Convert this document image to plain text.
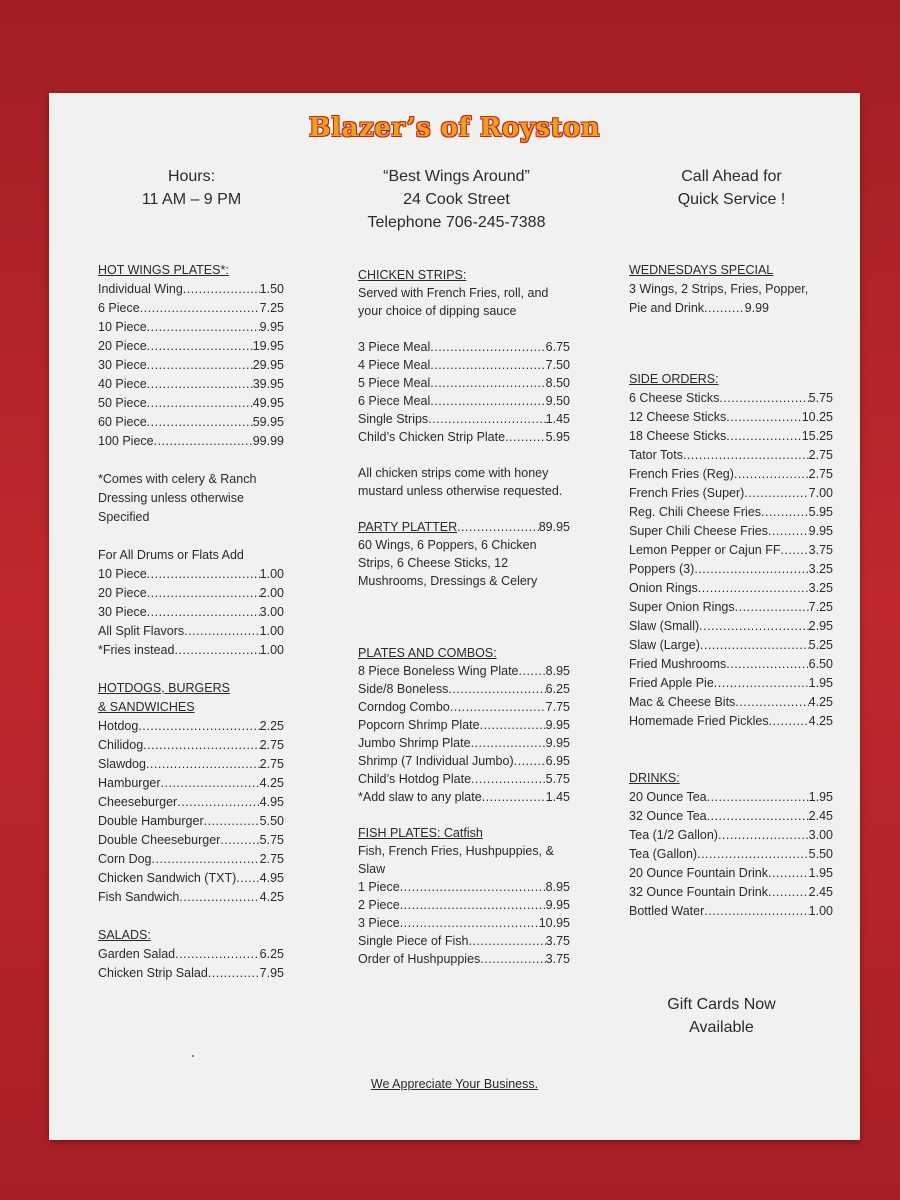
Blazer’s of Royston
Hours:
11 AM – 9 PM
“Best Wings Around”
24 Cook Street
Telephone 706-245-7388
Call Ahead for
Quick Service !
HOT WINGS PLATES*:
Individual Wing .....	1.50
6 Piece .....	7.25
10 Piece .....	9.95
20 Piece .....	19.95
30 Piece .....	29.95
40 Piece .....	39.95
50 Piece .....	49.95
60 Piece .....	59.95
100 Piece .....	99.99
*Comes with celery & Ranch Dressing unless otherwise Specified
For All Drums or Flats Add
10 Piece .....	1.00
20 Piece .....	2.00
30 Piece .....	3.00
All Split Flavors .....	1.00
*Fries instead .....	1.00
HOTDOGS, BURGERS
& SANDWICHES
Hotdog .....	2.25
Chilidog .....	2.75
Slawdog .....	2.75
Hamburger .....	4.25
Cheeseburger .....	4.95
Double Hamburger .....	5.50
Double Cheeseburger .....	5.75
Corn Dog .....	2.75
Chicken Sandwich (TXT) ..... 4.95
Fish Sandwich .....	4.25
SALADS:
Garden Salad .....	6.25
Chicken Strip Salad .....	7.95
CHICKEN STRIPS:
Served with French Fries, roll, and your choice of dipping sauce
3 Piece Meal .....	6.75
4 Piece Meal .....	7.50
5 Piece Meal .....	8.50
6 Piece Meal .....	9.50
Single Strips .....	1.45
Child’s Chicken Strip Plate .....	5.95
All chicken strips come with honey mustard unless otherwise requested.
PARTY PLATTER .....	89.95
60 Wings, 6 Poppers, 6 Chicken Strips, 6 Cheese Sticks, 12 Mushrooms, Dressings & Celery
PLATES AND COMBOS:
8 Piece Boneless Wing Plate ..... 8.95
Side/8 Boneless .....	6.25
Corndog Combo .....	7.75
Popcorn Shrimp Plate .....	9.95
Jumbo Shrimp Plate .....	9.95
Shrimp (7 Individual Jumbo) .....	6.95
Child’s Hotdog Plate .....	5.75
*Add slaw to any plate .....	1.45
FISH PLATES: Catfish
Fish, French Fries, Hushpuppies, & Slaw
1 Piece .....	8.95
2 Piece .....	9.95
3 Piece .....	10.95
Single Piece of Fish .....	3.75
Order of Hushpuppies .....	3.75
WEDNESDAYS SPECIAL
3 Wings, 2 Strips, Fries, Popper,
Pie and Drink .....	9.99
SIDE ORDERS:
6 Cheese Sticks .....	5.75
12 Cheese Sticks .....	10.25
18 Cheese Sticks .....	15.25
Tator Tots .....	2.75
French Fries (Reg) .....	2.75
French Fries (Super) .....	7.00
Reg. Chili Cheese Fries .....	5.95
Super Chili Cheese Fries .....	9.95
Lemon Pepper or Cajun FF ..... 3.75
Poppers (3) .....	3.25
Onion Rings .....	3.25
Super Onion Rings .....	7.25
Slaw (Small) .....	2.95
Slaw (Large) .....	5.25
Fried Mushrooms .....	6.50
Fried Apple Pie .....	1.95
Mac & Cheese Bits .....	4.25
Homemade Fried Pickles .....	4.25
DRINKS:
20 Ounce Tea .....	1.95
32 Ounce Tea .....	2.45
Tea (1/2 Gallon) .....	3.00
Tea (Gallon) .....	5.50
20 Ounce Fountain Drink .....	1.95
32 Ounce Fountain Drink .....	2.45
Bottled Water .....	1.00
Gift Cards Now
Available
We Appreciate Your Business.
